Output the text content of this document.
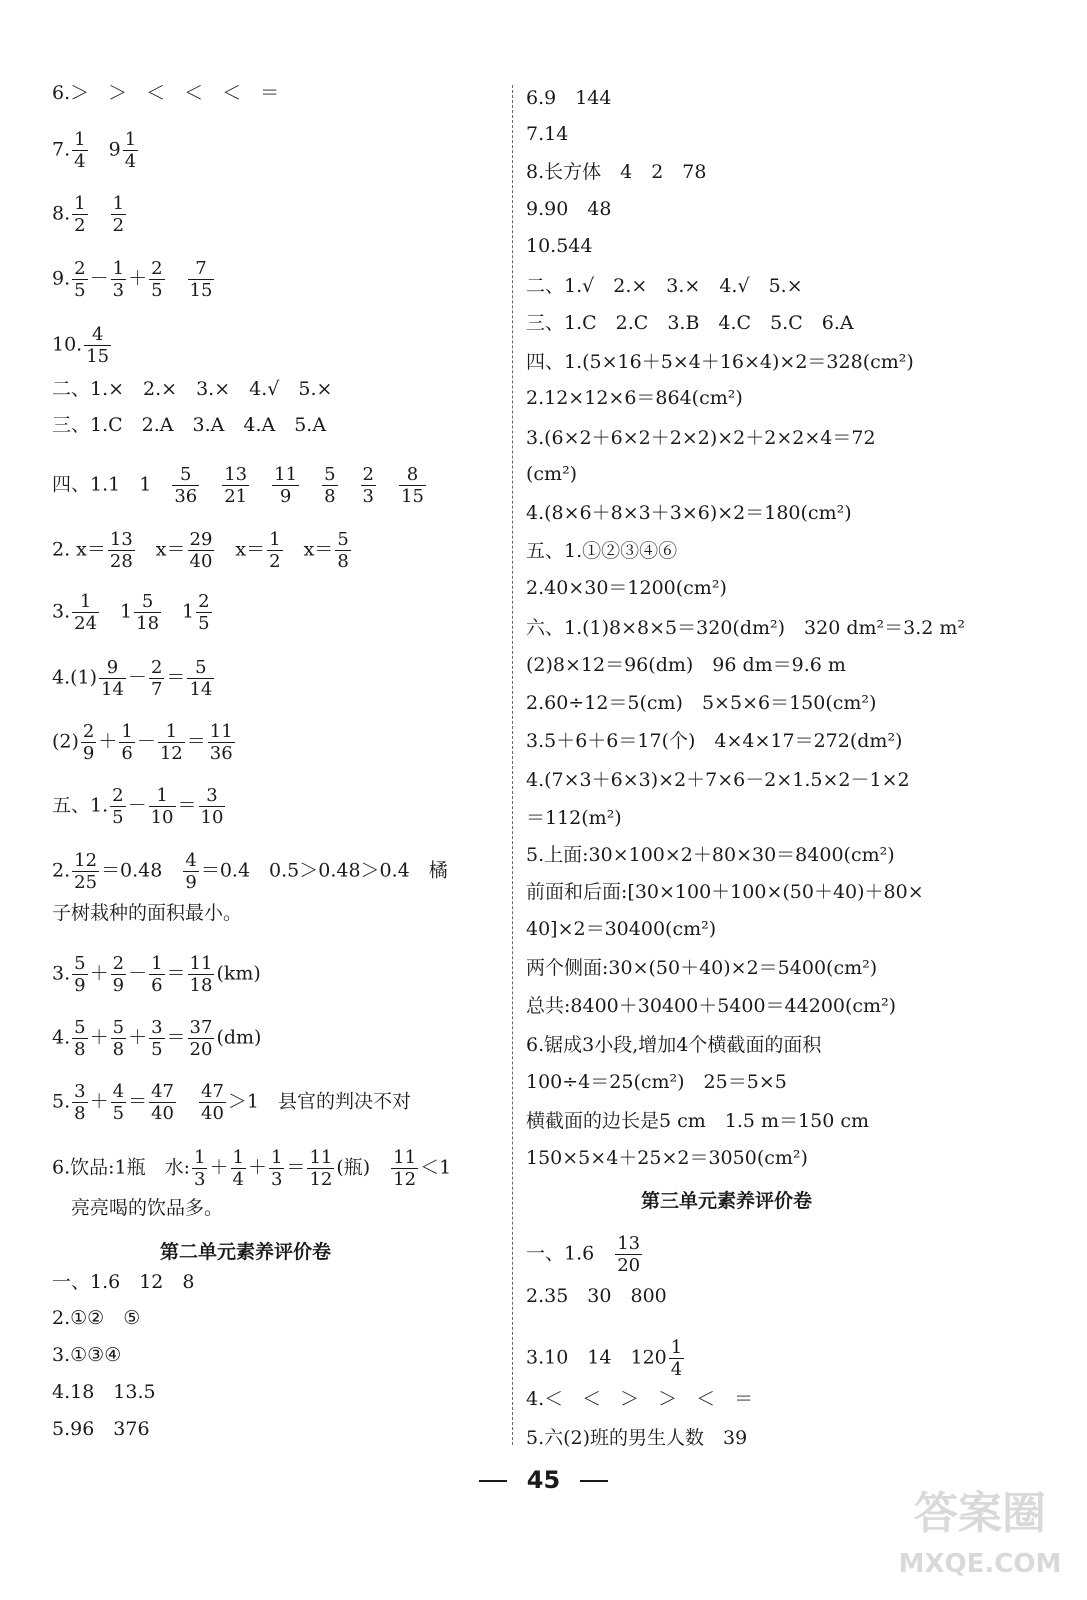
6.＞　＞　＜　＜　＜　＝
7. $\frac{1}{4}$ 　$9 \frac{1}{4}$
8. $\frac{1}{2}$
　 $\frac{1}{2}$
9. $\frac{2}{5} - \frac{1}{3} + \frac{2}{5}$
　 $\frac{7}{15}$
10. $\frac{4}{15}$
二、1.×　2.×　3.×　4.√　5.×
三、1.C　2.A　3.A　4.A　5.A
四、1.1　1　 $\frac{5}{36}$
　 $\frac{13}{21}$
　 $\frac{11}{9}$
　 $\frac{5}{8}$
　 $\frac{2}{3}$
　 $\frac{8}{15}$
2. $x= \frac{13}{28}$ 　$x= \frac{29}{40}$ 　$x= \frac{1}{2}$ 　$x= \frac{5}{8}$
3. $\frac{1}{24}$ 　$1 \frac{5}{18}$ 　$1 \frac{2}{5}$
$4.(1) \frac{9}{14} - \frac{2}{7} = \frac{5}{14}$
$(2) \frac{2}{9} + \frac{1}{6} - \frac{1}{12} = \frac{11}{36}$
五、1. $\frac{2}{5} - \frac{1}{10} = \frac{3}{10}$
2. $\frac{12}{25} =0.48$　 $\frac{4}{9}$ ＝0.4̇　0.5＞0.48＞0.4̇　橘
子树栽种的面积最小。
3. $\frac{5}{9} + \frac{2}{9} - \frac{1}{6} = \frac{11}{18} (km)$
4. $\frac{5}{8} + \frac{5}{8} + \frac{3}{5} = \frac{37}{20} (dm)$
5. $\frac{3}{8} + \frac{4}{5} = \frac{47}{40}$
　 $\frac{47}{40} >1$　县官的判决不对
6.饮品:1瓶　水: $\frac{1}{3} + \frac{1}{4} + \frac{1}{3} = \frac{11}{12}$ (瓶)　 $\frac{11}{12} <1$
　亮亮喝的饮品多。
一、1.6　12　8
2.①②　⑤
3.①③④
4.18　13.5
5.96　376
6.9　144
7.14
8.长方体　4　2　78
9.90　48
10.544
二、1.√　2.×　3.×　4.√　5.×
三、1.C　2.C　3.B　4.C　5.C　6.A
四、1.(5×16＋5×4＋16×4)×2＝328(cm²)
2.12×12×6＝864(cm²)
3.(6×2＋6×2＋2×2)×2＋2×2×4＝72
(cm²)
4.(8×6＋8×3＋3×6)×2＝180(cm²)
五、1.①②③④⑥
2.40×30＝1200(cm²)
六、1.(1)8×8×5＝320(dm²)　320 dm²＝3.2 m²
(2)8×12＝96(dm)　96 dm＝9.6 m
2.60÷12＝5(cm)　5×5×6＝150(cm²)
3.5＋6＋6＝17(个)　4×4×17＝272(dm²)
4.(7×3＋6×3)×2＋7×6－2×1.5×2－1×2
＝112(m²)
5.上面:30×100×2＋80×30＝8400(cm²)
前面和后面:[30×100＋100×(50＋40)＋80×
40]×2＝30400(cm²)
两个侧面:30×(50＋40)×2＝5400(cm²)
总共:8400＋30400＋5400＝44200(cm²)
6.锯成3小段,增加4个横截面的面积
100÷4＝25(cm²)　25＝5×5
横截面的边长是5 cm　1.5 m＝150 cm
150×5×4＋25×2＝3050(cm²)
一、1.6　 $\frac{13}{20}$
2.35　30　800
3.10　14　$120 \frac{1}{4}$
4.＜　＜　＞　＞　＜　＝
5.六(2)班的男生人数　39
第二单元素养评价卷
第三单元素养评价卷
45
答案圈
MXQE.COM
